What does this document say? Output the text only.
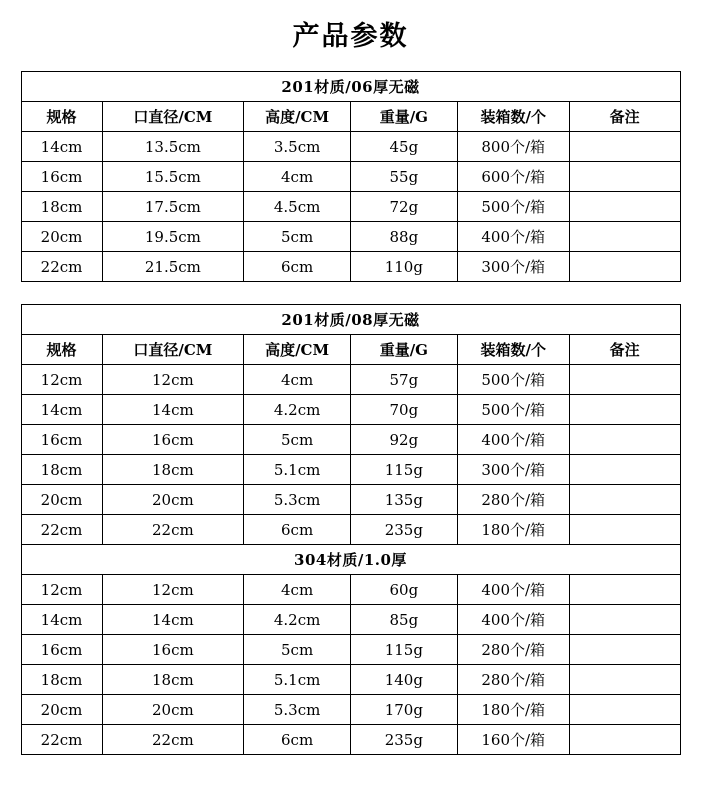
产品参数
201材质/06厚无磁					
规格	口直径/CM	高度/CM	重量/G	装箱数/个	备注
14cm	13.5cm	3.5cm	45g	800个/箱	
16cm	15.5cm	4cm	55g	600个/箱	
18cm	17.5cm	4.5cm	72g	500个/箱	
20cm	19.5cm	5cm	88g	400个/箱	
22cm	21.5cm	6cm	110g	300个/箱	
201材质/08厚无磁					
规格	口直径/CM	高度/CM	重量/G	装箱数/个	备注
12cm	12cm	4cm	57g	500个/箱	
14cm	14cm	4.2cm	70g	500个/箱	
16cm	16cm	5cm	92g	400个/箱	
18cm	18cm	5.1cm	115g	300个/箱	
20cm	20cm	5.3cm	135g	280个/箱	
22cm	22cm	6cm	235g	180个/箱	
304材质/1.0厚					
12cm	12cm	4cm	60g	400个/箱	
14cm	14cm	4.2cm	85g	400个/箱	
16cm	16cm	5cm	115g	280个/箱	
18cm	18cm	5.1cm	140g	280个/箱	
20cm	20cm	5.3cm	170g	180个/箱	
22cm	22cm	6cm	235g	160个/箱	
